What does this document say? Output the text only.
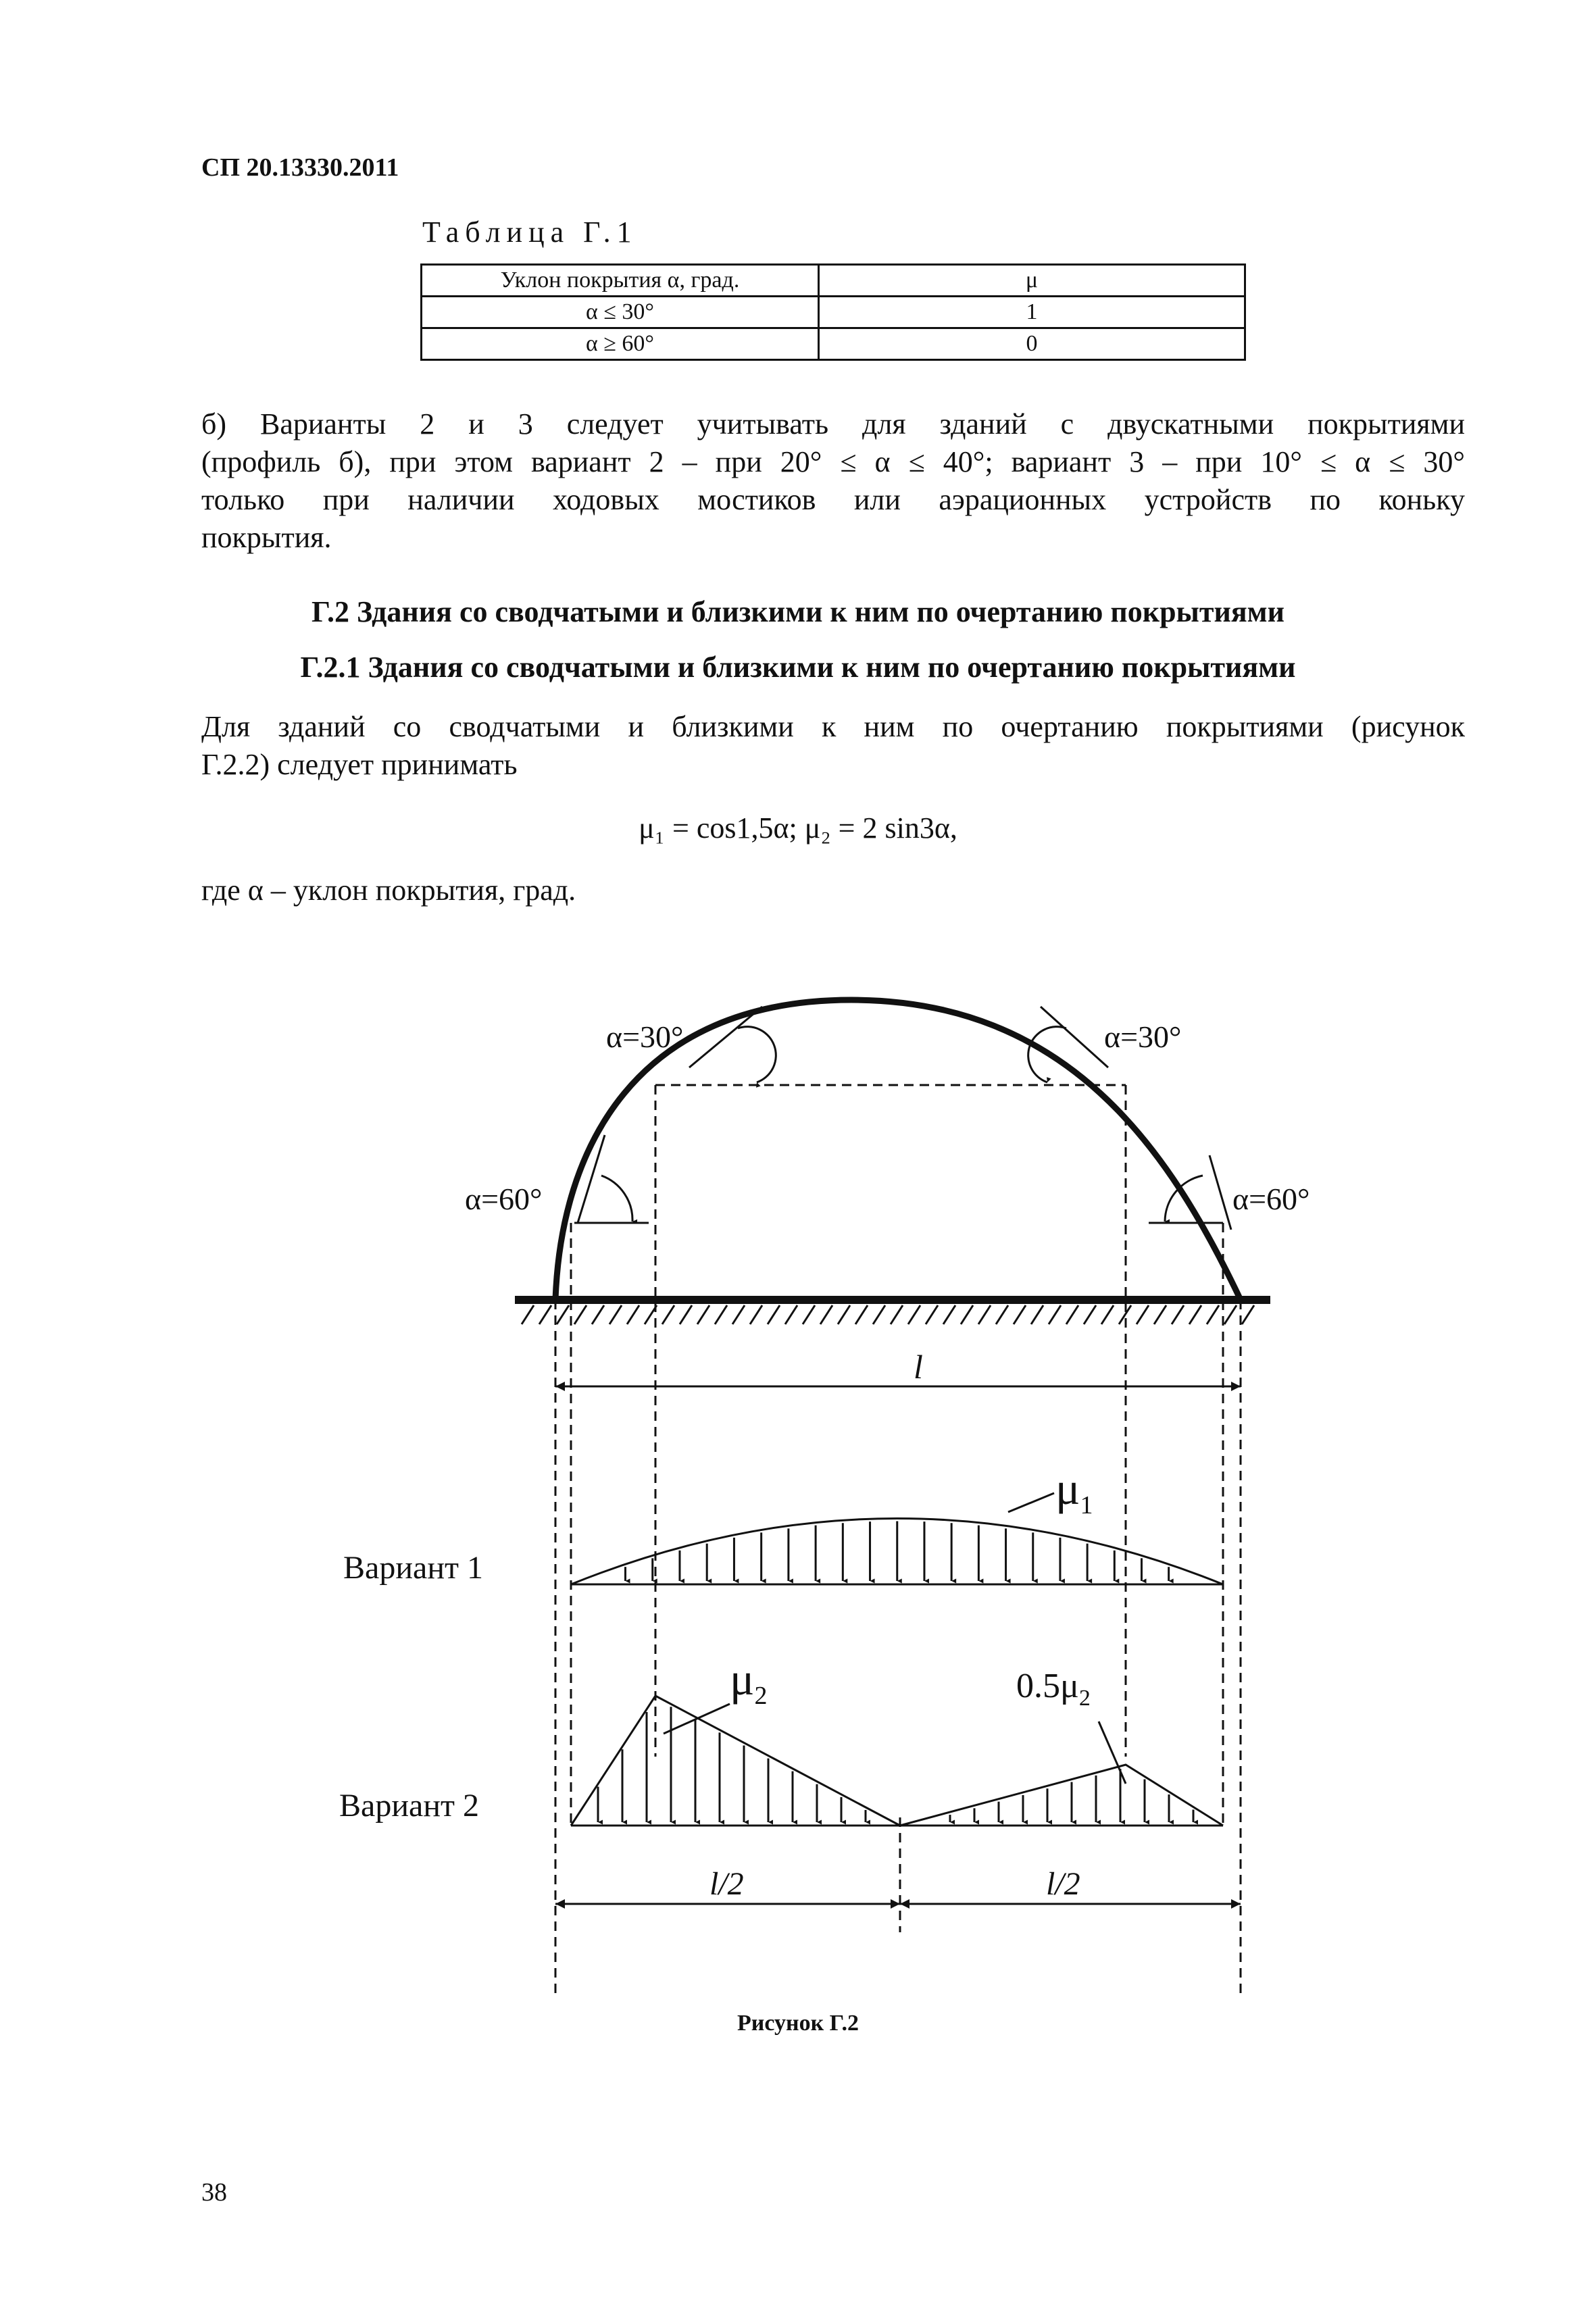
СП 20.13330.2011
Таблица Г.1
Уклон покрытия α, град.	μ
α ≤ 30°	1
α ≥ 60°	0
б) Варианты 2 и 3 следует учитывать для зданий с двускатными покрытиями
(профиль б), при этом вариант 2 – при 20° ≤ α ≤ 40°; вариант 3 – при 10° ≤ α ≤ 30°
только при наличии ходовых мостиков или аэрационных устройств по коньку
покрытия.
Г.2 Здания со сводчатыми и близкими к ним по очертанию покрытиями
Г.2.1 Здания со сводчатыми и близкими к ним по очертанию покрытиями
Для зданий со сводчатыми и близкими к ним по очертанию покрытиями (рисунок
Г.2.2) следует принимать
μ₁ = cos1,5α; μ₂ = 2 sin3α,
где α – уклон покрытия, град.
α=30°	α=30°
α=60°	α=60°
l
Вариант 1
$\mu_1$
Вариант 2
$\mu_2$	$0.5\mu_2$
l/2	l/2
Рисунок Г.2
38
